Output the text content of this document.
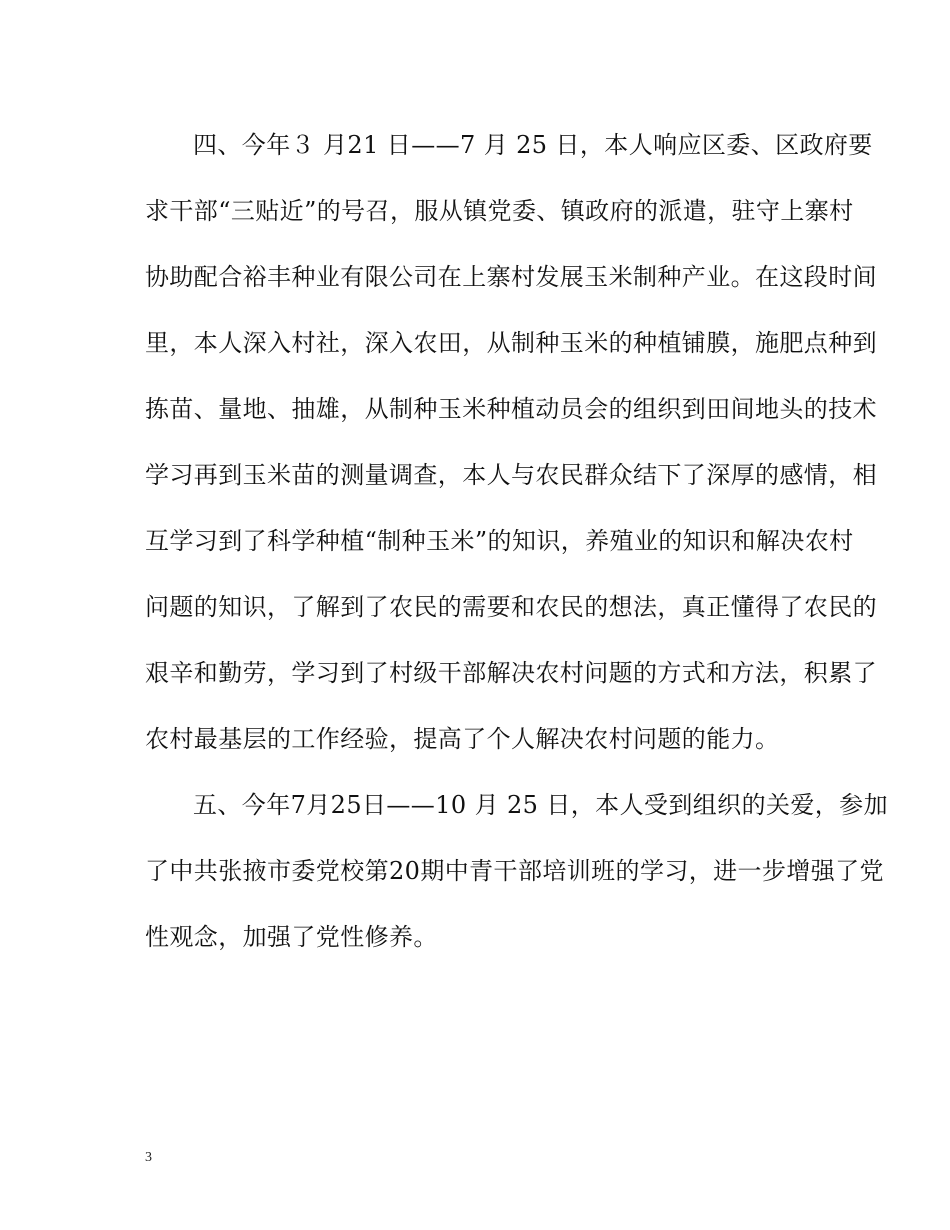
四、今年３ 月21 日——7 月 25 日，本人响应区委、区政府要
求干部“三贴近”的号召，服从镇党委、镇政府的派遣，驻守上寨村
协助配合裕丰种业有限公司在上寨村发展玉米制种产业。在这段时间
里，本人深入村社，深入农田，从制种玉米的种植铺膜，施肥点种到
拣苗、量地、抽雄，从制种玉米种植动员会的组织到田间地头的技术
学习再到玉米苗的测量调查，本人与农民群众结下了深厚的感情，相
互学习到了科学种植“制种玉米”的知识，养殖业的知识和解决农村
问题的知识，了解到了农民的需要和农民的想法，真正懂得了农民的
艰辛和勤劳，学习到了村级干部解决农村问题的方式和方法，积累了
农村最基层的工作经验，提高了个人解决农村问题的能力。
五、今年7月25日——10 月 25 日，本人受到组织的关爱，参加
了中共张掖市委党校第20期中青干部培训班的学习，进一步增强了党
性观念，加强了党性修养。
3
